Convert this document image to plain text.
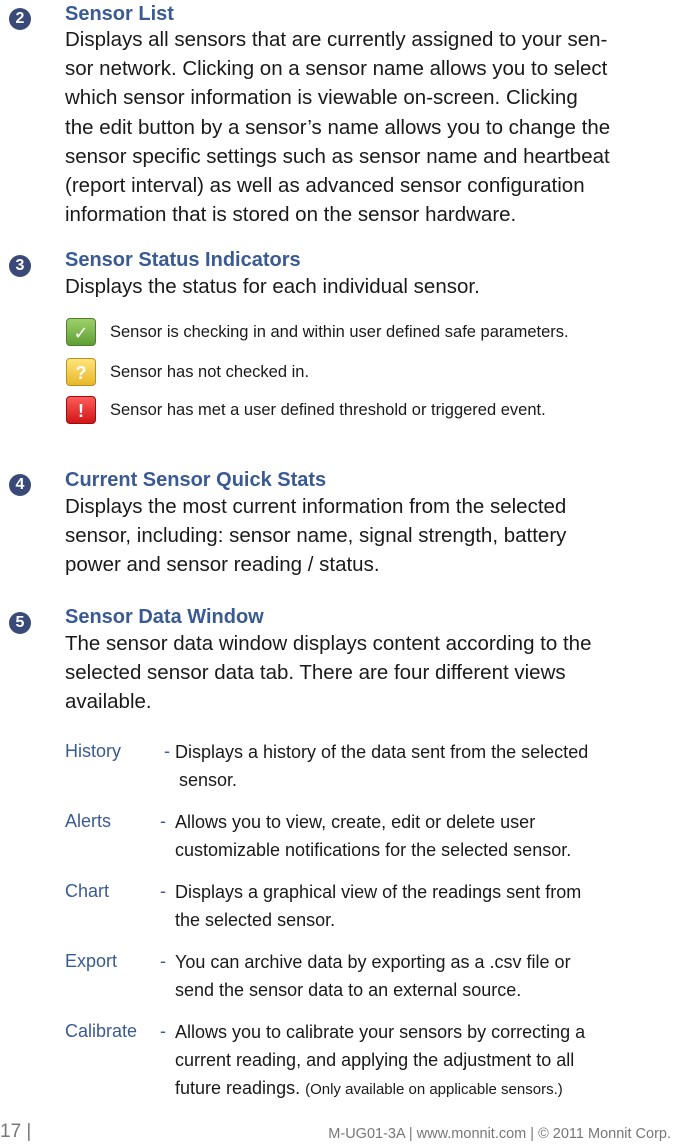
2	Sensor List
Displays all sensors that are currently assigned to your sen-
sor network. Clicking on a sensor name allows you to select
which sensor information is viewable on-screen. Clicking
the edit button by a sensor’s name allows you to change the
sensor specific settings such as sensor name and heartbeat
(report interval) as well as advanced sensor configuration
information that is stored on the sensor hardware.
3	Sensor Status Indicators
Displays the status for each individual sensor.
✓	Sensor is checking in and within user defined safe parameters.
?	Sensor has not checked in.
!	Sensor has met a user defined threshold or triggered event.
4	Current Sensor Quick Stats
Displays the most current information from the selected
sensor, including: sensor name, signal strength, battery
power and sensor reading / status.
5	Sensor Data Window
The sensor data window displays content according to the
selected sensor data tab. There are four different views
available.
History - Displays a history of the data sent from the selected
sensor.
Alerts	- Allows you to view, create, edit or delete user
customizable notifications for the selected sensor.
Chart	- Displays a graphical view of the readings sent from
the selected sensor.
Export - You can archive data by exporting as a .csv file or
send the sensor data to an external source.
Calibrate - Allows you to calibrate your sensors by correcting a
current reading, and applying the adjustment to all
future readings. (Only available on applicable sensors.)
17 |	M-UG01-3A | www.monnit.com | © 2011 Monnit Corp.
